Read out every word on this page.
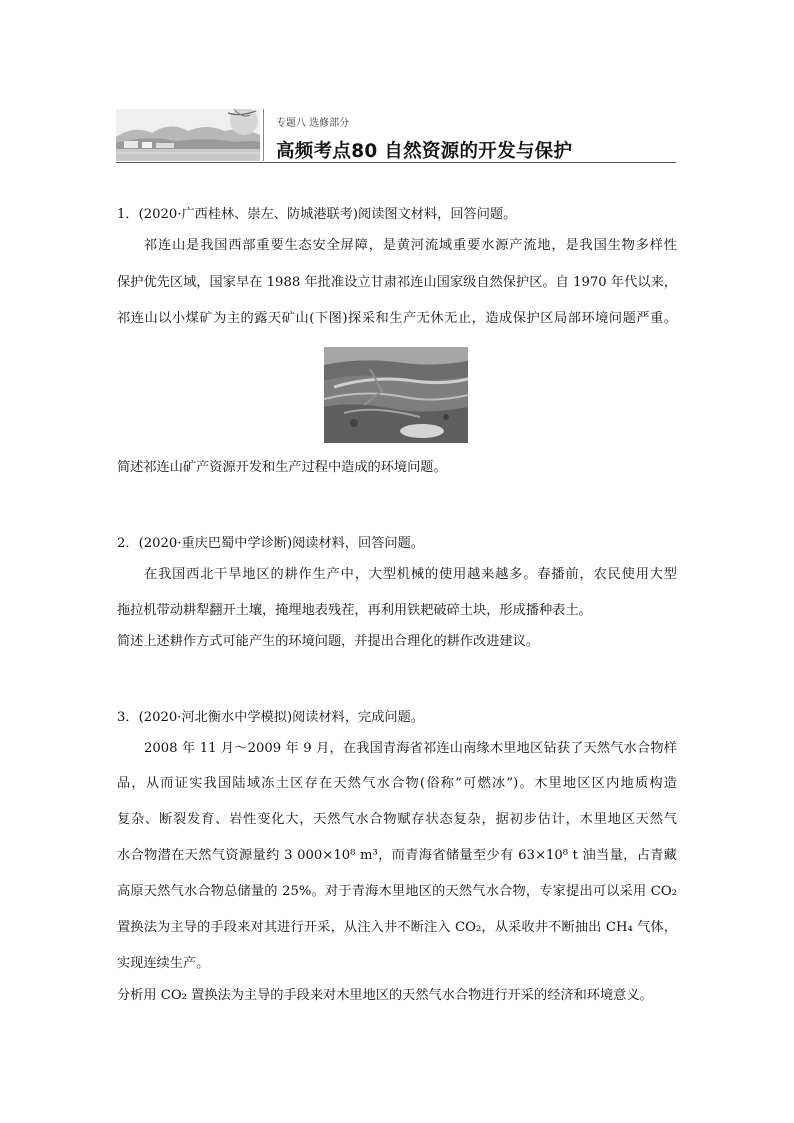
专题八 选修部分
高频考点80 自然资源的开发与保护
1．(2020·广西桂林、崇左、防城港联考)阅读图文材料，回答问题。
祁连山是我国西部重要生态安全屏障，是黄河流域重要水源产流地，是我国生物多样性
保护优先区域，国家早在 1988 年批准设立甘肃祁连山国家级自然保护区。自 1970 年代以来，
祁连山以小煤矿为主的露天矿山(下图)探采和生产无休无止，造成保护区局部环境问题严重。
简述祁连山矿产资源开发和生产过程中造成的环境问题。
2．(2020·重庆巴蜀中学诊断)阅读材料，回答问题。
在我国西北干旱地区的耕作生产中，大型机械的使用越来越多。春播前，农民使用大型
拖拉机带动耕犁翻开土壤，掩埋地表残茬，再利用铁耙破碎土块，形成播种表土。
简述上述耕作方式可能产生的环境问题，并提出合理化的耕作改进建议。
3．(2020·河北衡水中学模拟)阅读材料，完成问题。
2008 年 11 月～2009 年 9 月，在我国青海省祁连山南缘木里地区钻获了天然气水合物样
品，从而证实我国陆域冻土区存在天然气水合物(俗称“可燃冰”)。木里地区区内地质构造
复杂、断裂发育、岩性变化大，天然气水合物赋存状态复杂，据初步估计，木里地区天然气
水合物潜在天然气资源量约 3 000×10⁸ m³，而青海省储量至少有 63×10⁸ t 油当量，占青藏
高原天然气水合物总储量的 25%。对于青海木里地区的天然气水合物，专家提出可以采用 CO₂
置换法为主导的手段来对其进行开采，从注入井不断注入 CO₂，从采收井不断抽出 CH₄ 气体，
实现连续生产。
分析用 CO₂ 置换法为主导的手段来对木里地区的天然气水合物进行开采的经济和环境意义。
